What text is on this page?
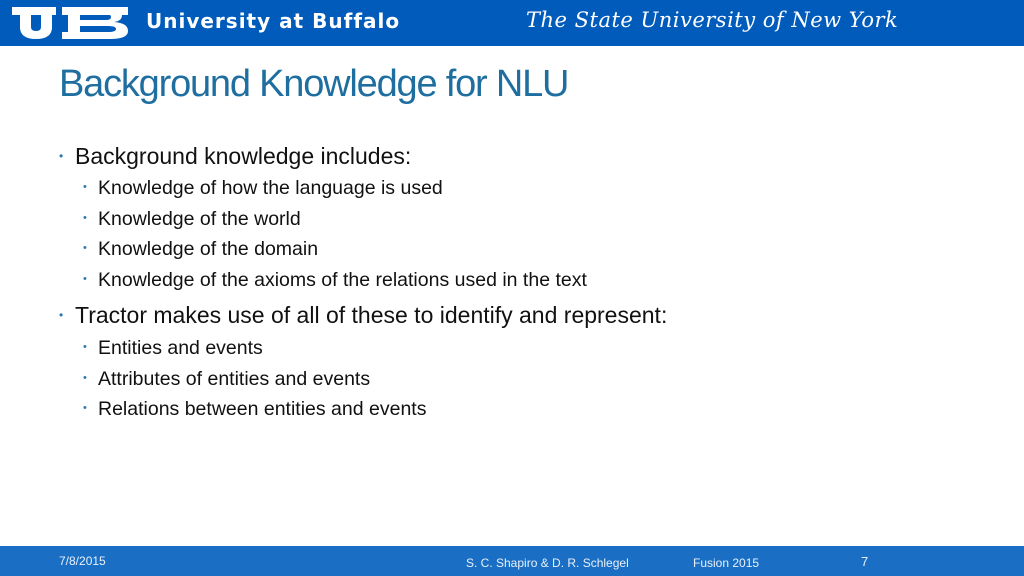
University at Buffalo	The State University of New York
Background Knowledge for NLU
• Background knowledge includes:
• Knowledge of how the language is used
• Knowledge of the world
• Knowledge of the domain
• Knowledge of the axioms of the relations used in the text
• Tractor makes use of all of these to identify and represent:
• Entities and events
• Attributes of entities and events
• Relations between entities and events
7/8/2015	S. C. Shapiro & D. R. Schlegel	Fusion 2015	7
